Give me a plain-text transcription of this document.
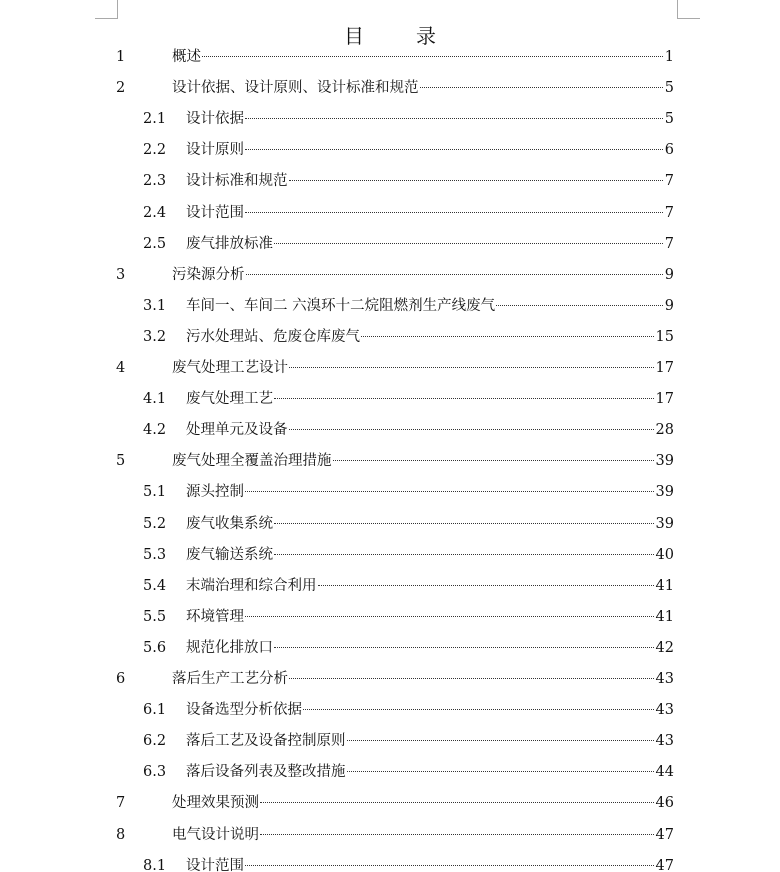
目	录
1	概述	1
2	设计依据、设计原则、设计标准和规范	5
2.1 设计依据	5
2.2 设计原则	6
2.3 设计标准和规范	7
2.4 设计范围	7
2.5 废气排放标准	7
3	污染源分析	9
3.1 车间一、车间二 六溴环十二烷阻燃剂生产线废气	9
3.2 污水处理站、危废仓库废气	15
4	废气处理工艺设计	17
4.1 废气处理工艺	17
4.2 处理单元及设备	28
5	废气处理全覆盖治理措施	39
5.1 源头控制	39
5.2 废气收集系统	39
5.3 废气输送系统	40
5.4 末端治理和综合利用	41
5.5 环境管理	41
5.6 规范化排放口	42
6	落后生产工艺分析	43
6.1 设备选型分析依据	43
6.2 落后工艺及设备控制原则	43
6.3 落后设备列表及整改措施	44
7	处理效果预测	46
8	电气设计说明	47
8.1 设计范围	47
